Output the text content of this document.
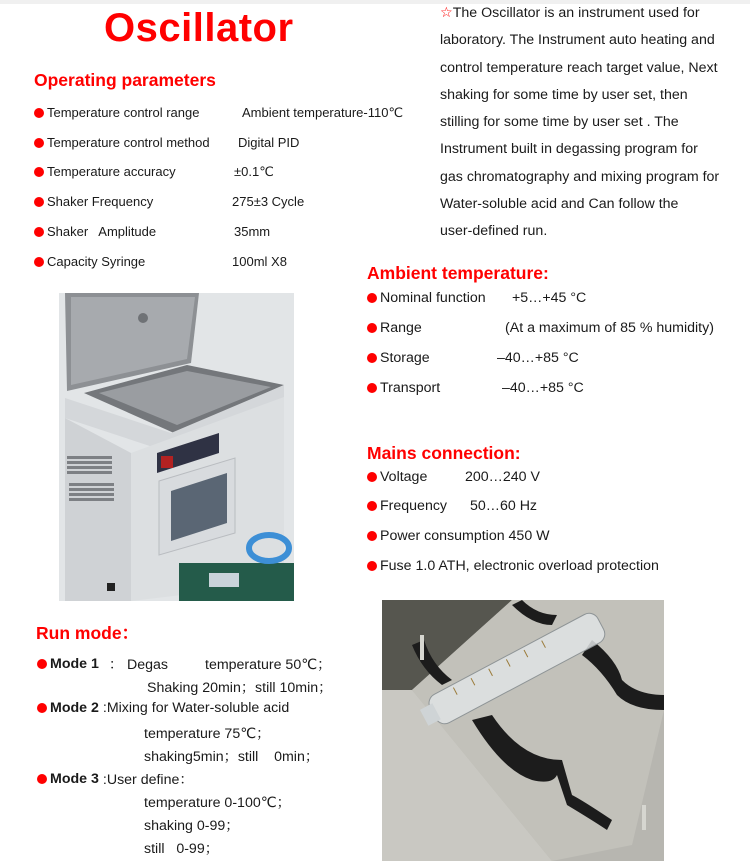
Oscillator	☆The Oscillator is an instrument used for
laboratory. The Instrument auto heating and
control temperature reach target value, Next
shaking for some time by user set, then
stilling for some time by user set . The
Instrument built in degassing program for
gas chromatography and mixing program for
Water-soluble acid and Can follow the
user-defined run.
Operating parameters
Temperature control range	Ambient temperature-110℃
Temperature control method Digital PID
Temperature accuracy	±0.1℃
Shaker Frequency	275±3 Cycle
Shaker   Amplitude	35mm
Capacity Syringe	100ml X8
Ambient temperature:
Nominal function +5…+45 °C
Range	(At a maximum of 85 % humidity)
Storage	–40…+85 °C
Transport	–40…+85 °C
Mains connection:
Voltage	200…240 V
Frequency 50…60 Hz
Power consumption 450 W
Fuse 1.0 ATH, electronic overload protection
Run mode：
Mode 1 ： Degas	temperature 50℃；
Shaking 20min；still 10min；
Mode 2 :Mixing for Water-soluble acid
temperature 75℃；
shaking5min；still    0min；
Mode 3 :User define：
temperature 0-100℃；
shaking 0-99；
still   0-99；
